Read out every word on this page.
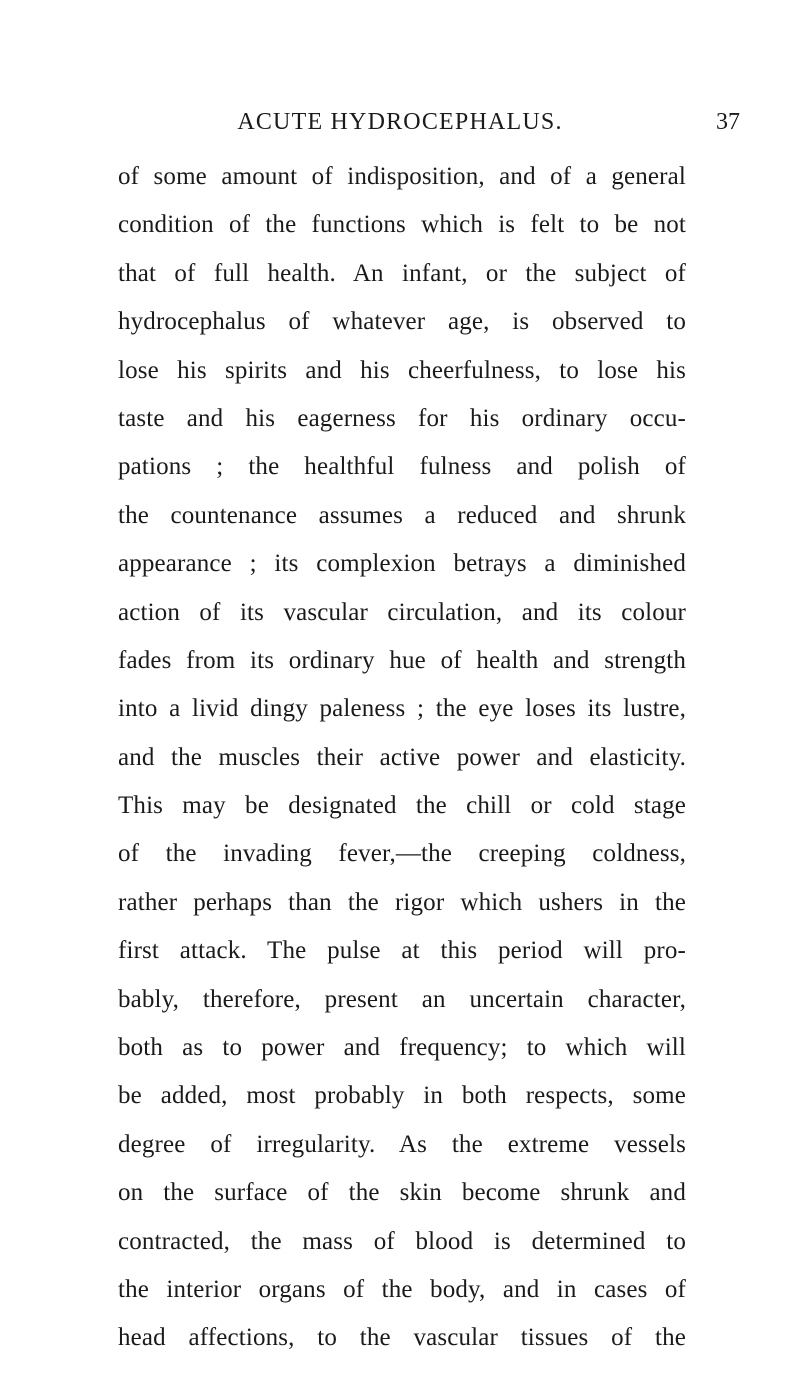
ACUTE HYDROCEPHALUS.	37
of some amount of indisposition, and of a general
condition of the functions which is felt to be not
that of full health. An infant, or the subject of
hydrocephalus of whatever age, is observed to
lose his spirits and his cheerfulness, to lose his
taste and his eagerness for his ordinary occu-
pations ; the healthful fulness and polish of
the countenance assumes a reduced and shrunk
appearance ; its complexion betrays a diminished
action of its vascular circulation, and its colour
fades from its ordinary hue of health and strength
into a livid dingy paleness ; the eye loses its lustre,
and the muscles their active power and elasticity.
This may be designated the chill or cold stage
of the invading fever,—the creeping coldness,
rather perhaps than the rigor which ushers in the
first attack. The pulse at this period will pro-
bably, therefore, present an uncertain character,
both as to power and frequency; to which will
be added, most probably in both respects, some
degree of irregularity. As the extreme vessels
on the surface of the skin become shrunk and
contracted, the mass of blood is determined to
the interior organs of the body, and in cases of
head affections, to the vascular tissues of the
